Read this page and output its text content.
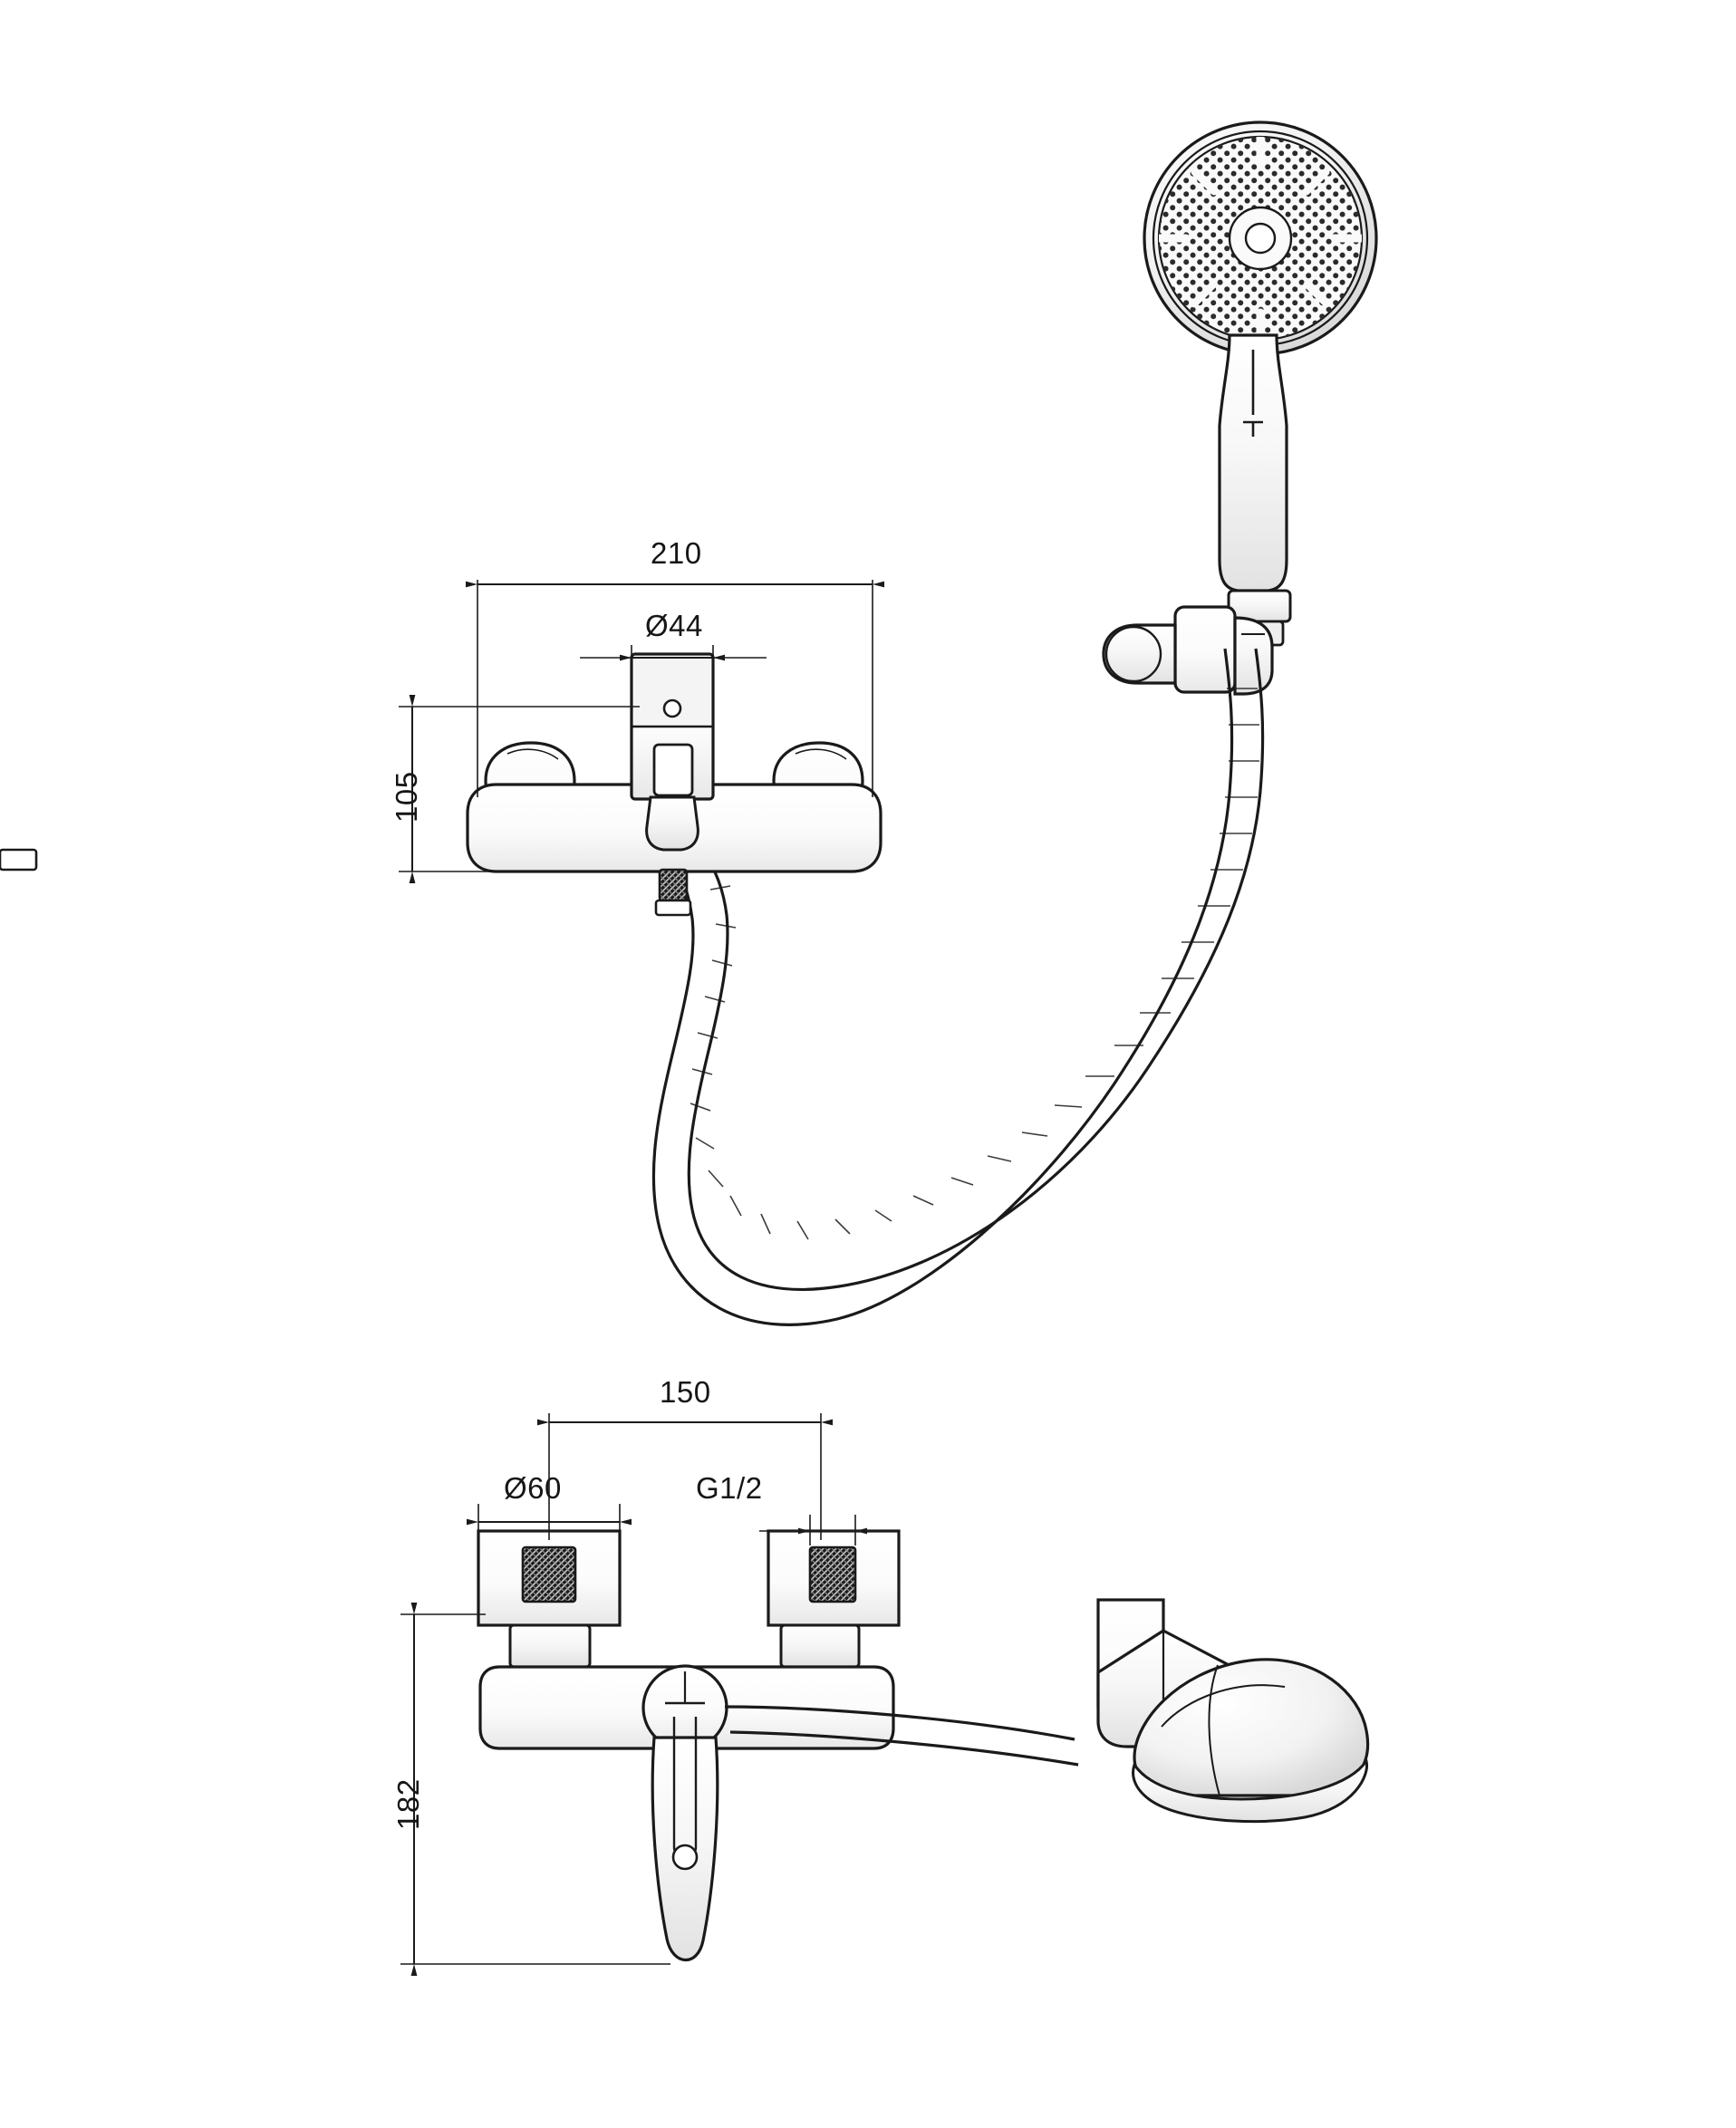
210
Ø44
105
150
Ø60	G1/2
182
